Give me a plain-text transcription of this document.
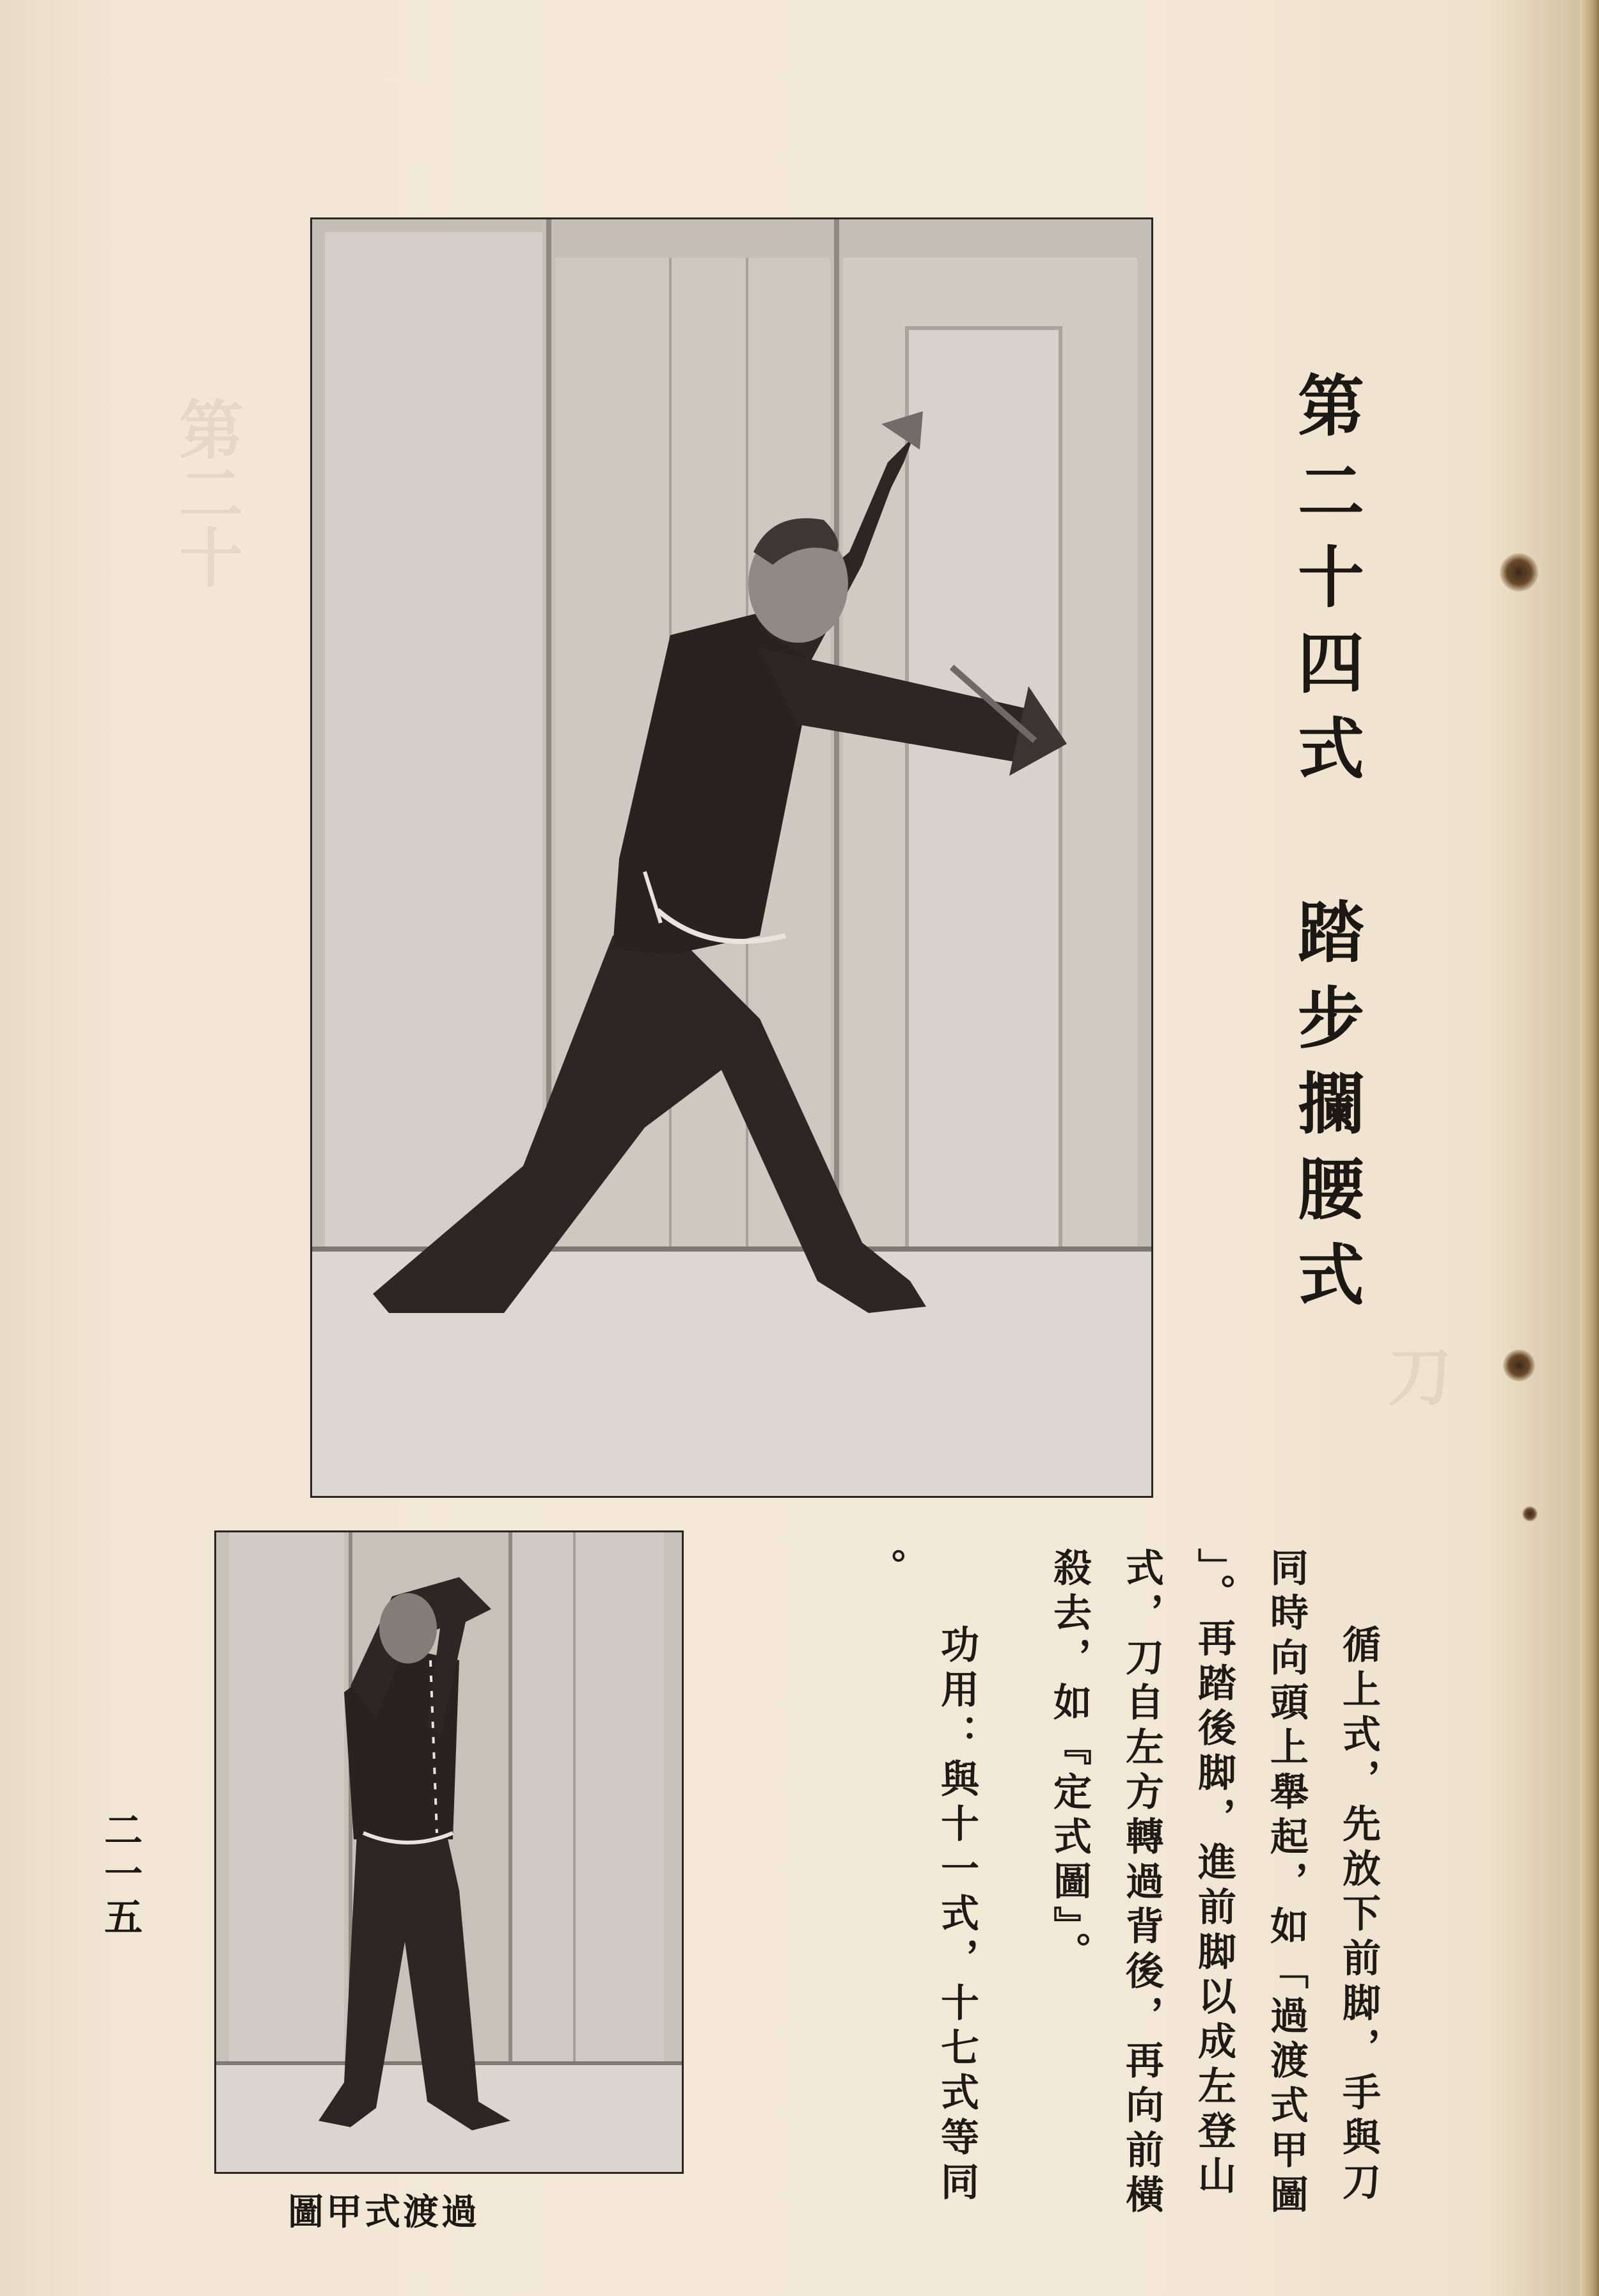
第二十
刀
第二十四式 踏步攔腰式
循上式，先放下前脚，手與刀
同時向頭上舉起，如「過渡式甲圖
」。再踏後脚，進前脚以成左登山
式，刀自左方轉過背後，再向前橫
殺去，如『定式圖』。
功用：與十一式，十七式等同
。
過渡式甲圖
二一五
